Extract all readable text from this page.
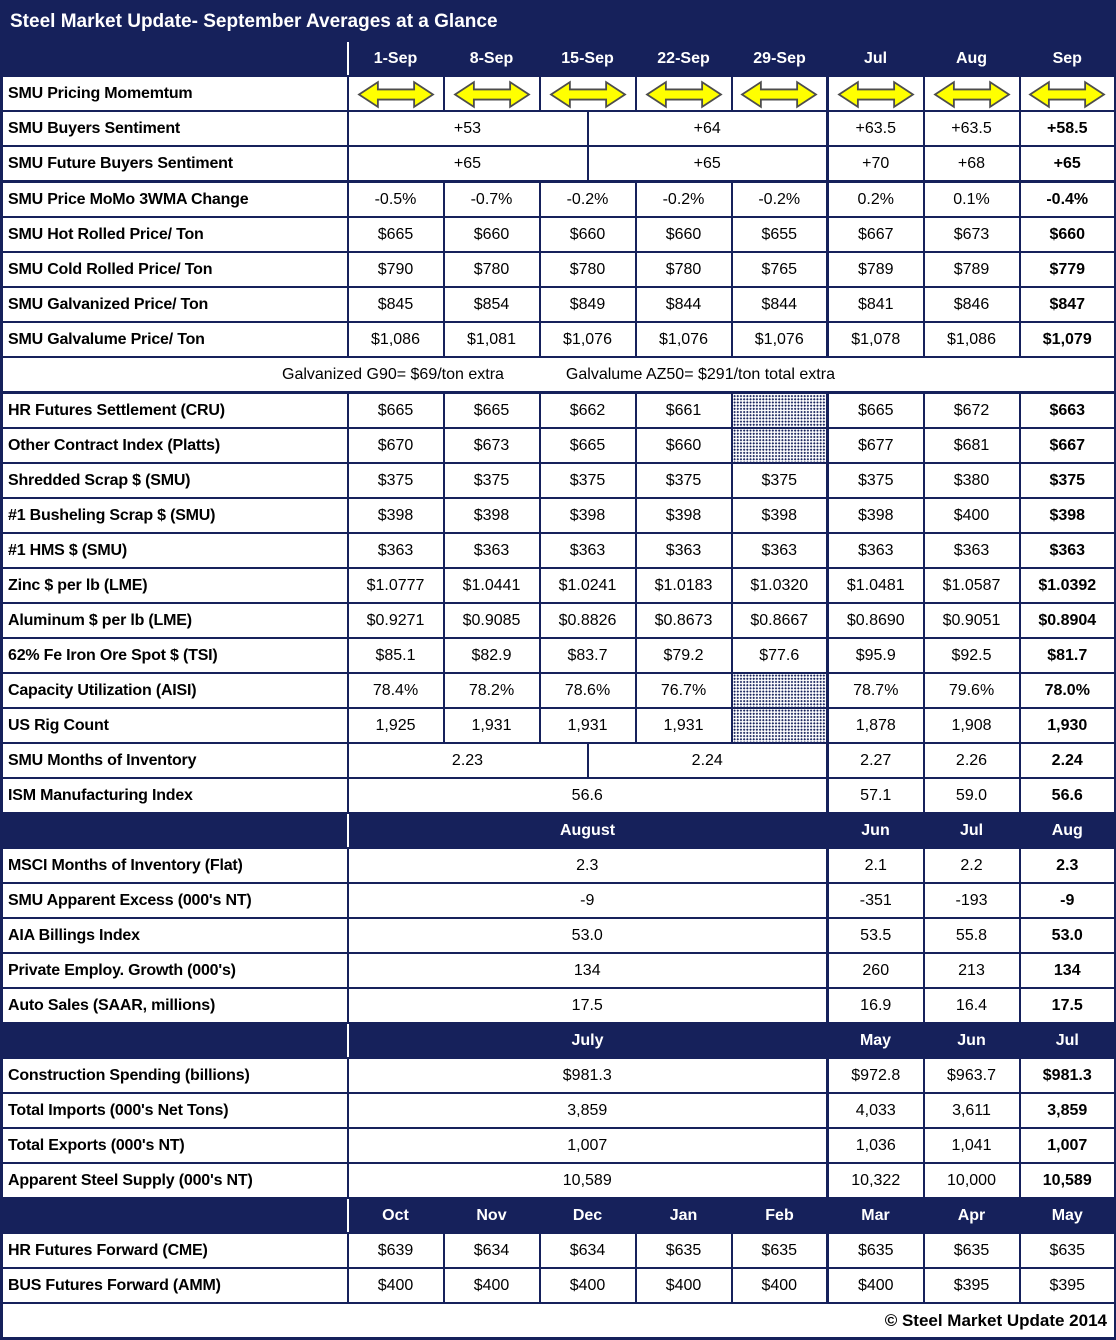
Steel Market Update- September Averages at a Glance									
	1-Sep	8-Sep	15-Sep		22-Sep	29-Sep	Jul	Aug	Sep
SMU Pricing Momemtum	

SMU Buyers Sentiment	+53			+64			+63.5	+63.5	+58.5
SMU Future Buyers Sentiment	+65			+65			+70	+68	+65
SMU Price MoMo 3WMA Change	-0.5%	-0.7%	-0.2%		-0.2%	-0.2%	0.2%	0.1%	-0.4%
SMU Hot Rolled Price/ Ton	$665	$660	$660		$660	$655	$667	$673	$660
SMU Cold Rolled Price/ Ton	$790	$780	$780		$780	$765	$789	$789	$779
SMU Galvanized Price/ Ton	$845	$854	$849		$844	$844	$841	$846	$847
SMU Galvalume Price/ Ton	$1,086	$1,081	$1,076		$1,076	$1,076	$1,078	$1,086	$1,079
Galvanized G90= $69/ton extra Galvalume AZ50= $291/ton total extra									
HR Futures Settlement (CRU)	$665	$665	$662		$661		$665	$672	$663
Other Contract Index (Platts)	$670	$673	$665		$660		$677	$681	$667
Shredded Scrap $ (SMU)	$375	$375	$375		$375	$375	$375	$380	$375
#1 Busheling Scrap $ (SMU)	$398	$398	$398		$398	$398	$398	$400	$398
#1 HMS $ (SMU)	$363	$363	$363		$363	$363	$363	$363	$363
Zinc $ per lb (LME)	$1.0777	$1.0441	$1.0241		$1.0183	$1.0320	$1.0481	$1.0587	$1.0392
Aluminum $ per lb (LME)	$0.9271	$0.9085	$0.8826		$0.8673	$0.8667	$0.8690	$0.9051	$0.8904
62% Fe Iron Ore Spot $ (TSI)	$85.1	$82.9	$83.7		$79.2	$77.6	$95.9	$92.5	$81.7
Capacity Utilization (AISI)	78.4%	78.2%	78.6%		76.7%		78.7%	79.6%	78.0%
US Rig Count	1,925	1,931	1,931		1,931		1,878	1,908	1,930
SMU Months of Inventory	2.23			2.24			2.27	2.26	2.24
ISM Manufacturing Index	56.6						57.1	59.0	56.6
	August						Jun	Jul	Aug
MSCI Months of Inventory (Flat)	2.3						2.1	2.2	2.3
SMU Apparent Excess (000's NT)	-9						-351	-193	-9
AIA Billings Index	53.0						53.5	55.8	53.0
Private Employ. Growth (000's)	134						260	213	134
Auto Sales (SAAR, millions)	17.5						16.9	16.4	17.5
	July						May	Jun	Jul
Construction Spending (billions)	$981.3						$972.8	$963.7	$981.3
Total Imports (000's Net Tons)	3,859						4,033	3,611	3,859
Total Exports (000's NT)	1,007						1,036	1,041	1,007
Apparent Steel Supply (000's NT)	10,589						10,322	10,000	10,589
	Oct	Nov	Dec		Jan	Feb	Mar	Apr	May
HR Futures Forward (CME)	$639	$634	$634		$635	$635	$635	$635	$635
BUS Futures Forward (AMM)	$400	$400	$400		$400	$400	$400	$395	$395
© Steel Market Update 2014									
